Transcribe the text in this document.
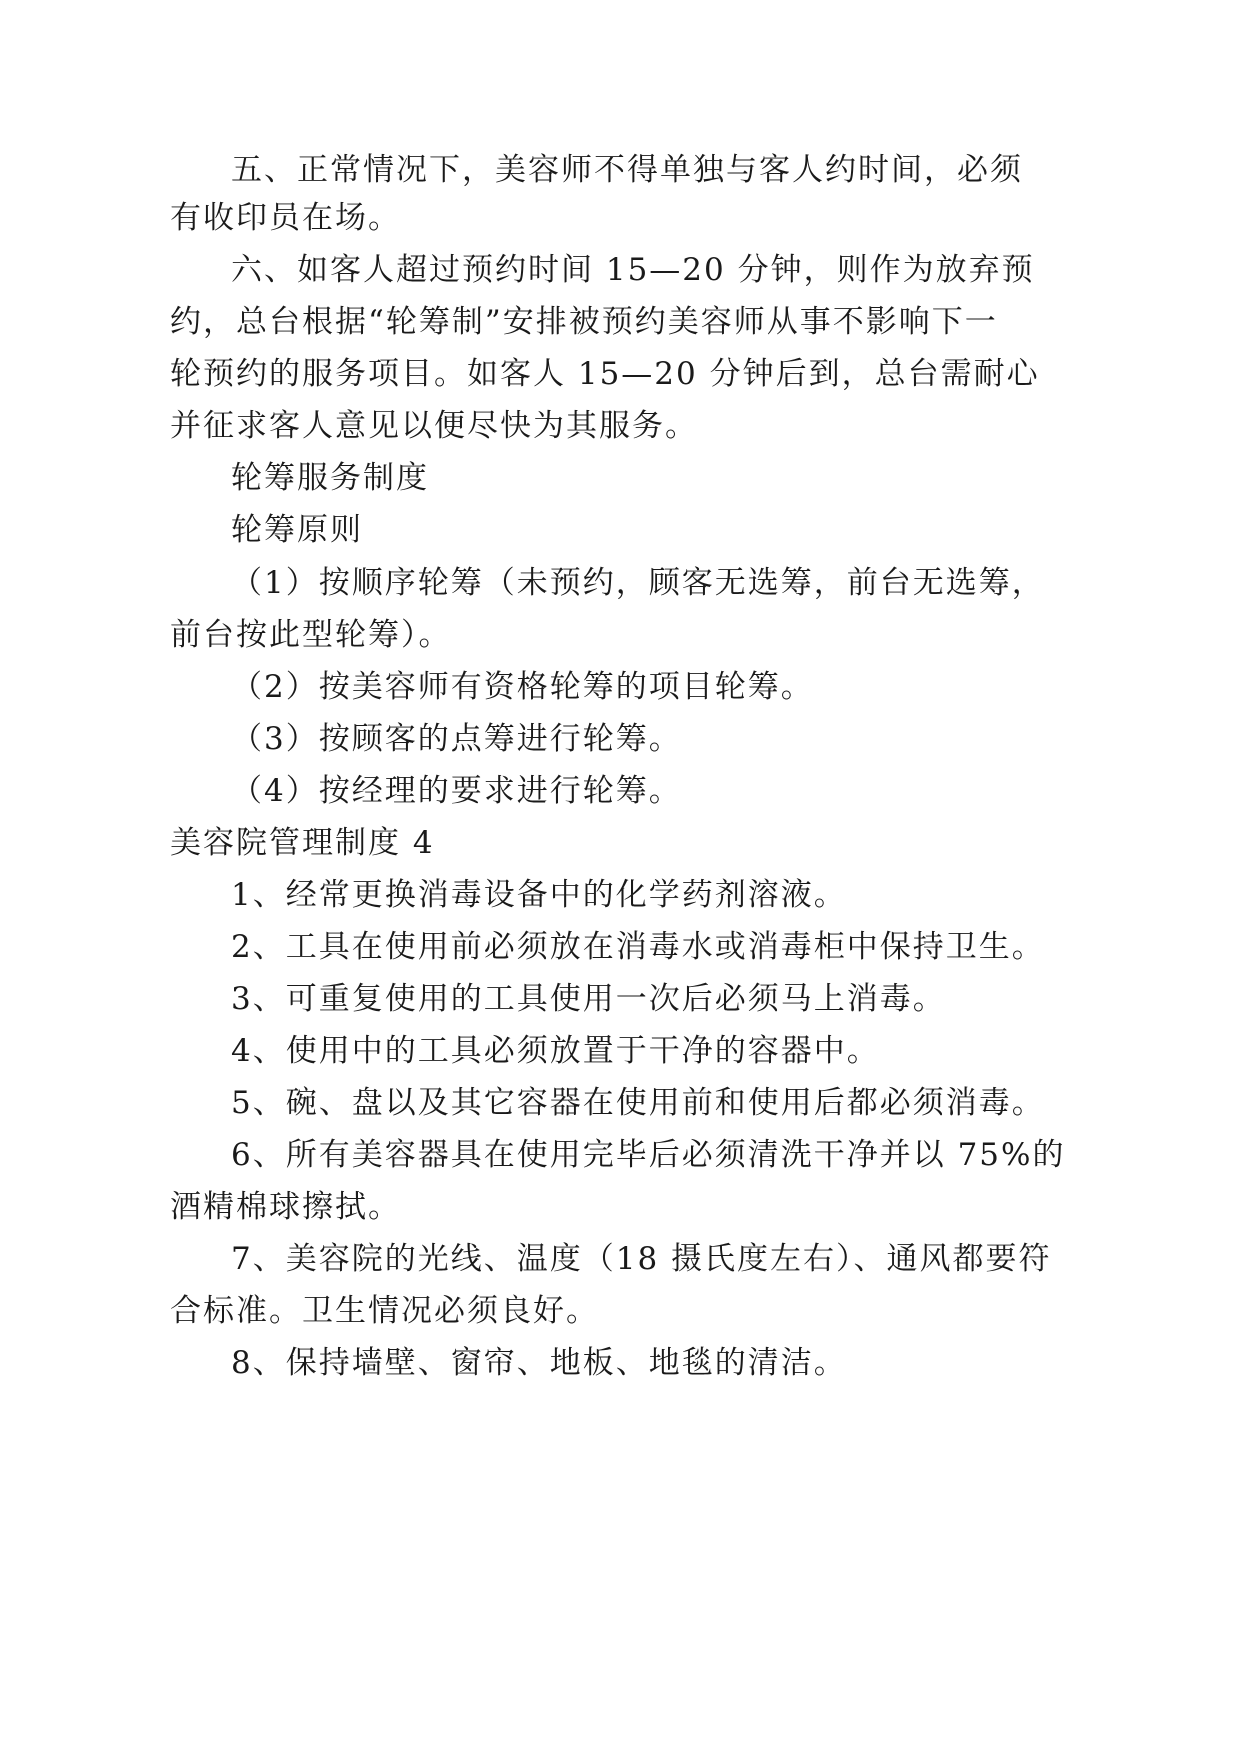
五、正常情况下，美容师不得单独与客人约时间，必须
有收印员在场。
六、如客人超过预约时间 15—20 分钟，则作为放弃预
约，总台根据“轮筹制”安排被预约美容师从事不影响下一
轮预约的服务项目。如客人 15—20 分钟后到，总台需耐心
并征求客人意见以便尽快为其服务。
轮筹服务制度
轮筹原则
（1）按顺序轮筹（未预约，顾客无选筹，前台无选筹，
前台按此型轮筹）。
（2）按美容师有资格轮筹的项目轮筹。
（3）按顾客的点筹进行轮筹。
（4）按经理的要求进行轮筹。
美容院管理制度 4
1、经常更换消毒设备中的化学药剂溶液。
2、工具在使用前必须放在消毒水或消毒柜中保持卫生。
3、可重复使用的工具使用一次后必须马上消毒。
4、使用中的工具必须放置于干净的容器中。
5、碗、盘以及其它容器在使用前和使用后都必须消毒。
6、所有美容器具在使用完毕后必须清洗干净并以 75%的
酒精棉球擦拭。
7、美容院的光线、温度（18 摄氏度左右）、通风都要符
合标准。卫生情况必须良好。
8、保持墙壁、窗帘、地板、地毯的清洁。
